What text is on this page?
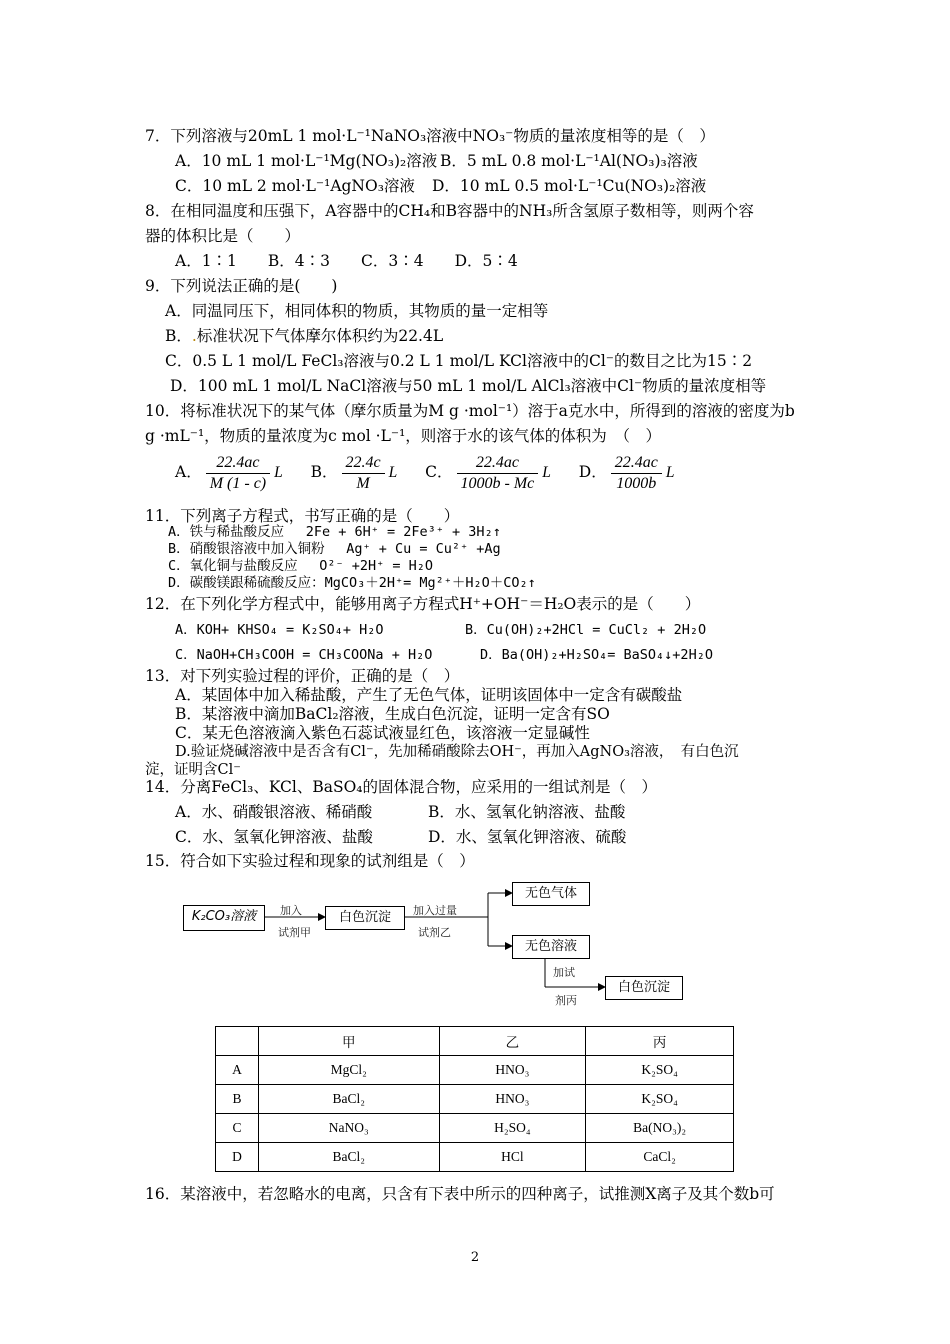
7．下列溶液与20mL 1 mol·L⁻¹NaNO₃溶液中NO₃⁻物质的量浓度相等的是（　）
A．10 mL 1 mol·L⁻¹Mg(NO₃)₂溶液 B．5 mL 0.8 mol·L⁻¹Al(NO₃)₃溶液
C．10 mL 2 mol·L⁻¹AgNO₃溶液 D．10 mL 0.5 mol·L⁻¹Cu(NO₃)₂溶液
8．在相同温度和压强下，A容器中的CH₄和B容器中的NH₃所含氢原子数相等，则两个容
器的体积比是（　　）
A．1∶1　　B．4∶3　　C．3∶4　　D．5∶4
9．下列说法正确的是(　　)
A．同温同压下，相同体积的物质，其物质的量一定相等
B．.标准状况下气体摩尔体积约为22.4L
C．0.5 L 1 mol/L FeCl₃溶液与0.2 L 1 mol/L KCl溶液中的Cl⁻的数目之比为15∶2
D．100 mL 1 mol/L NaCl溶液与50 mL 1 mol/L AlCl₃溶液中Cl⁻物质的量浓度相等
10．将标准状况下的某气体（摩尔质量为M g ·mol⁻¹）溶于a克水中，所得到的溶液的密度为b
g ·mL⁻¹，物质的量浓度为c mol ·L⁻¹，则溶于水的该气体的体积为　（　）
A． $\frac{22.4ac}{M (1 - c)}$ L B． $\frac{22.4c}{M}$ L C． $\frac{22.4ac}{1000b - Mc}$ L D． $\frac{22.4ac}{1000b}$ L
11．下列离子方程式，书写正确的是（　　）
A．铁与稀盐酸反应　 2Fe + 6H⁺ = 2Fe³⁺ + 3H₂↑
B．硝酸银溶液中加入铜粉　 Ag⁺ + Cu = Cu²⁺ +Ag
C．氧化铜与盐酸反应　 O²⁻ +2H⁺ = H₂O
D．碳酸镁跟稀硫酸反应：MgCO₃＋2H⁺= Mg²⁺＋H₂O＋CO₂↑
12．在下列化学方程式中，能够用离子方程式H⁺+OH⁻＝H₂O表示的是（　　）
A．KOH+ KHSO₄ = K₂SO₄+ H₂O	B．Cu(OH)₂+2HCl = CuCl₂ + 2H₂O
C．NaOH+CH₃COOH = CH₃COONa + H₂O	D．Ba(OH)₂+H₂SO₄= BaSO₄↓+2H₂O
13．对下列实验过程的评价，正确的是（　）
A．某固体中加入稀盐酸，产生了无色气体，证明该固体中一定含有碳酸盐
B．某溶液中滴加BaCl₂溶液，生成白色沉淀，证明一定含有SO
C．某无色溶液滴入紫色石蕊试液显红色，该溶液一定显碱性
D.验证烧碱溶液中是否含有Cl⁻，先加稀硝酸除去OH⁻，再加入AgNO₃溶液，　有白色沉
淀，证明含Cl⁻
14．分离FeCl₃、KCl、BaSO₄的固体混合物，应采用的一组试剂是（　）
A．水、硝酸银溶液、稀硝酸	B．水、氢氧化钠溶液、盐酸
C．水、氢氧化钾溶液、盐酸	D．水、氢氧化钾溶液、硫酸
15．符合如下实验过程和现象的试剂组是（　）
K₂CO₃溶液	加入
试剂甲
白色沉淀	加入过量
试剂乙
无色气体
无色溶液
加试
剂丙
白色沉淀
	甲	乙	丙
A	MgCl₂	HNO₃	K₂SO₄
B	BaCl₂	HNO₃	K₂SO₄
C	NaNO₃	H₂SO₄	Ba(NO₃)₂
D	BaCl₂	HCl	CaCl₂
16．某溶液中，若忽略水的电离，只含有下表中所示的四种离子，试推测X离子及其个数b可
2
